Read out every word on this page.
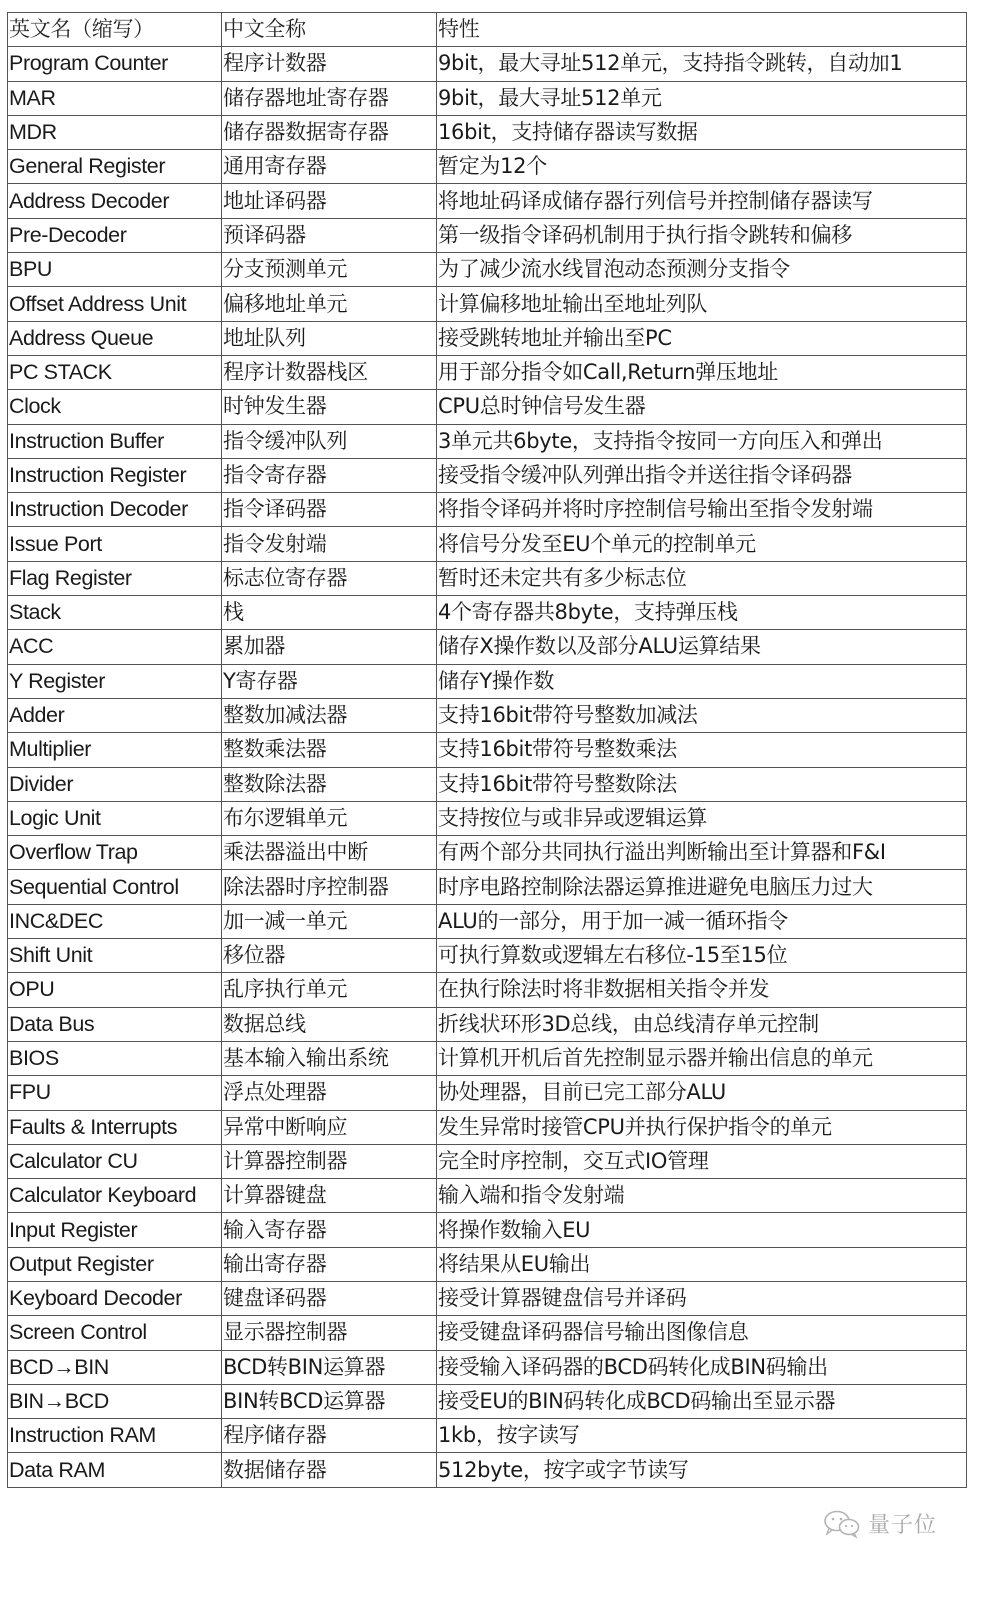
英文名（缩写）	中文全称	特性
Program Counter	程序计数器	9bit，最大寻址512单元，支持指令跳转，自动加1
MAR	储存器地址寄存器	9bit，最大寻址512单元
MDR	储存器数据寄存器	16bit，支持储存器读写数据
General Register	通用寄存器	暂定为12个
Address Decoder	地址译码器	将地址码译成储存器行列信号并控制储存器读写
Pre-Decoder	预译码器	第一级指令译码机制用于执行指令跳转和偏移
BPU	分支预测单元	为了减少流水线冒泡动态预测分支指令
Offset Address Unit	偏移地址单元	计算偏移地址输出至地址列队
Address Queue	地址队列	接受跳转地址并输出至PC
PC STACK	程序计数器栈区	用于部分指令如Call,Return弹压地址
Clock	时钟发生器	CPU总时钟信号发生器
Instruction Buffer	指令缓冲队列	3单元共6byte，支持指令按同一方向压入和弹出
Instruction Register	指令寄存器	接受指令缓冲队列弹出指令并送往指令译码器
Instruction Decoder	指令译码器	将指令译码并将时序控制信号输出至指令发射端
Issue Port	指令发射端	将信号分发至EU个单元的控制单元
Flag Register	标志位寄存器	暂时还未定共有多少标志位
Stack	栈	4个寄存器共8byte，支持弹压栈
ACC	累加器	储存X操作数以及部分ALU运算结果
Y Register	Y寄存器	储存Y操作数
Adder	整数加减法器	支持16bit带符号整数加减法
Multiplier	整数乘法器	支持16bit带符号整数乘法
Divider	整数除法器	支持16bit带符号整数除法
Logic Unit	布尔逻辑单元	支持按位与或非异或逻辑运算
Overflow Trap	乘法器溢出中断	有两个部分共同执行溢出判断输出至计算器和F&I
Sequential Control	除法器时序控制器	时序电路控制除法器运算推进避免电脑压力过大
INC&DEC	加一减一单元	ALU的一部分，用于加一减一循环指令
Shift Unit	移位器	可执行算数或逻辑左右移位-15至15位
OPU	乱序执行单元	在执行除法时将非数据相关指令并发
Data Bus	数据总线	折线状环形3D总线，由总线清存单元控制
BIOS	基本输入输出系统	计算机开机后首先控制显示器并输出信息的单元
FPU	浮点处理器	协处理器，目前已完工部分ALU
Faults & Interrupts	异常中断响应	发生异常时接管CPU并执行保护指令的单元
Calculator CU	计算器控制器	完全时序控制，交互式IO管理
Calculator Keyboard	计算器键盘	输入端和指令发射端
Input Register	输入寄存器	将操作数输入EU
Output Register	输出寄存器	将结果从EU输出
Keyboard Decoder	键盘译码器	接受计算器键盘信号并译码
Screen Control	显示器控制器	接受键盘译码器信号输出图像信息
BCD→BIN	BCD转BIN运算器	接受输入译码器的BCD码转化成BIN码输出
BIN→BCD	BIN转BCD运算器	接受EU的BIN码转化成BCD码输出至显示器
Instruction RAM	程序储存器	1kb，按字读写
Data RAM	数据储存器	512byte，按字或字节读写
量子位
